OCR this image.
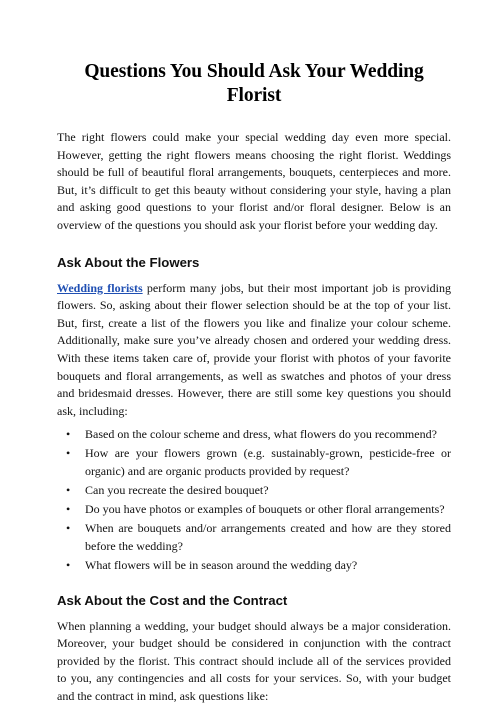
Questions You Should Ask Your Wedding Florist

The right flowers could make your special wedding day even more special. However, getting the right flowers means choosing the right florist. Weddings should be full of beautiful floral arrangements, bouquets, centerpieces and more. But, it’s difficult to get this beauty without considering your style, having a plan and asking good questions to your florist and/or floral designer. Below is an overview of the questions you should ask your florist before your wedding day.

Ask About the Flowers

Wedding florists perform many jobs, but their most important job is providing flowers. So, asking about their flower selection should be at the top of your list. But, first, create a list of the flowers you like and finalize your colour scheme. Additionally, make sure you’ve already chosen and ordered your wedding dress. With these items taken care of, provide your florist with photos of your favorite bouquets and floral arrangements, as well as swatches and photos of your dress and bridesmaid dresses. However, there are still some key questions you should ask, including:

• Based on the colour scheme and dress, what flowers do you recommend?
• How are your flowers grown (e.g. sustainably-grown, pesticide-free or organic) and are organic products provided by request?
• Can you recreate the desired bouquet?
• Do you have photos or examples of bouquets or other floral arrangements?
• When are bouquets and/or arrangements created and how are they stored before the wedding?
• What flowers will be in season around the wedding day?
Ask About the Cost and the Contract

When planning a wedding, your budget should always be a major consideration. Moreover, your budget should be considered in conjunction with the contract provided by the florist. This contract should include all of the services provided to you, any contingencies and all costs for your services. So, with your budget and the contract in mind, ask questions like:
